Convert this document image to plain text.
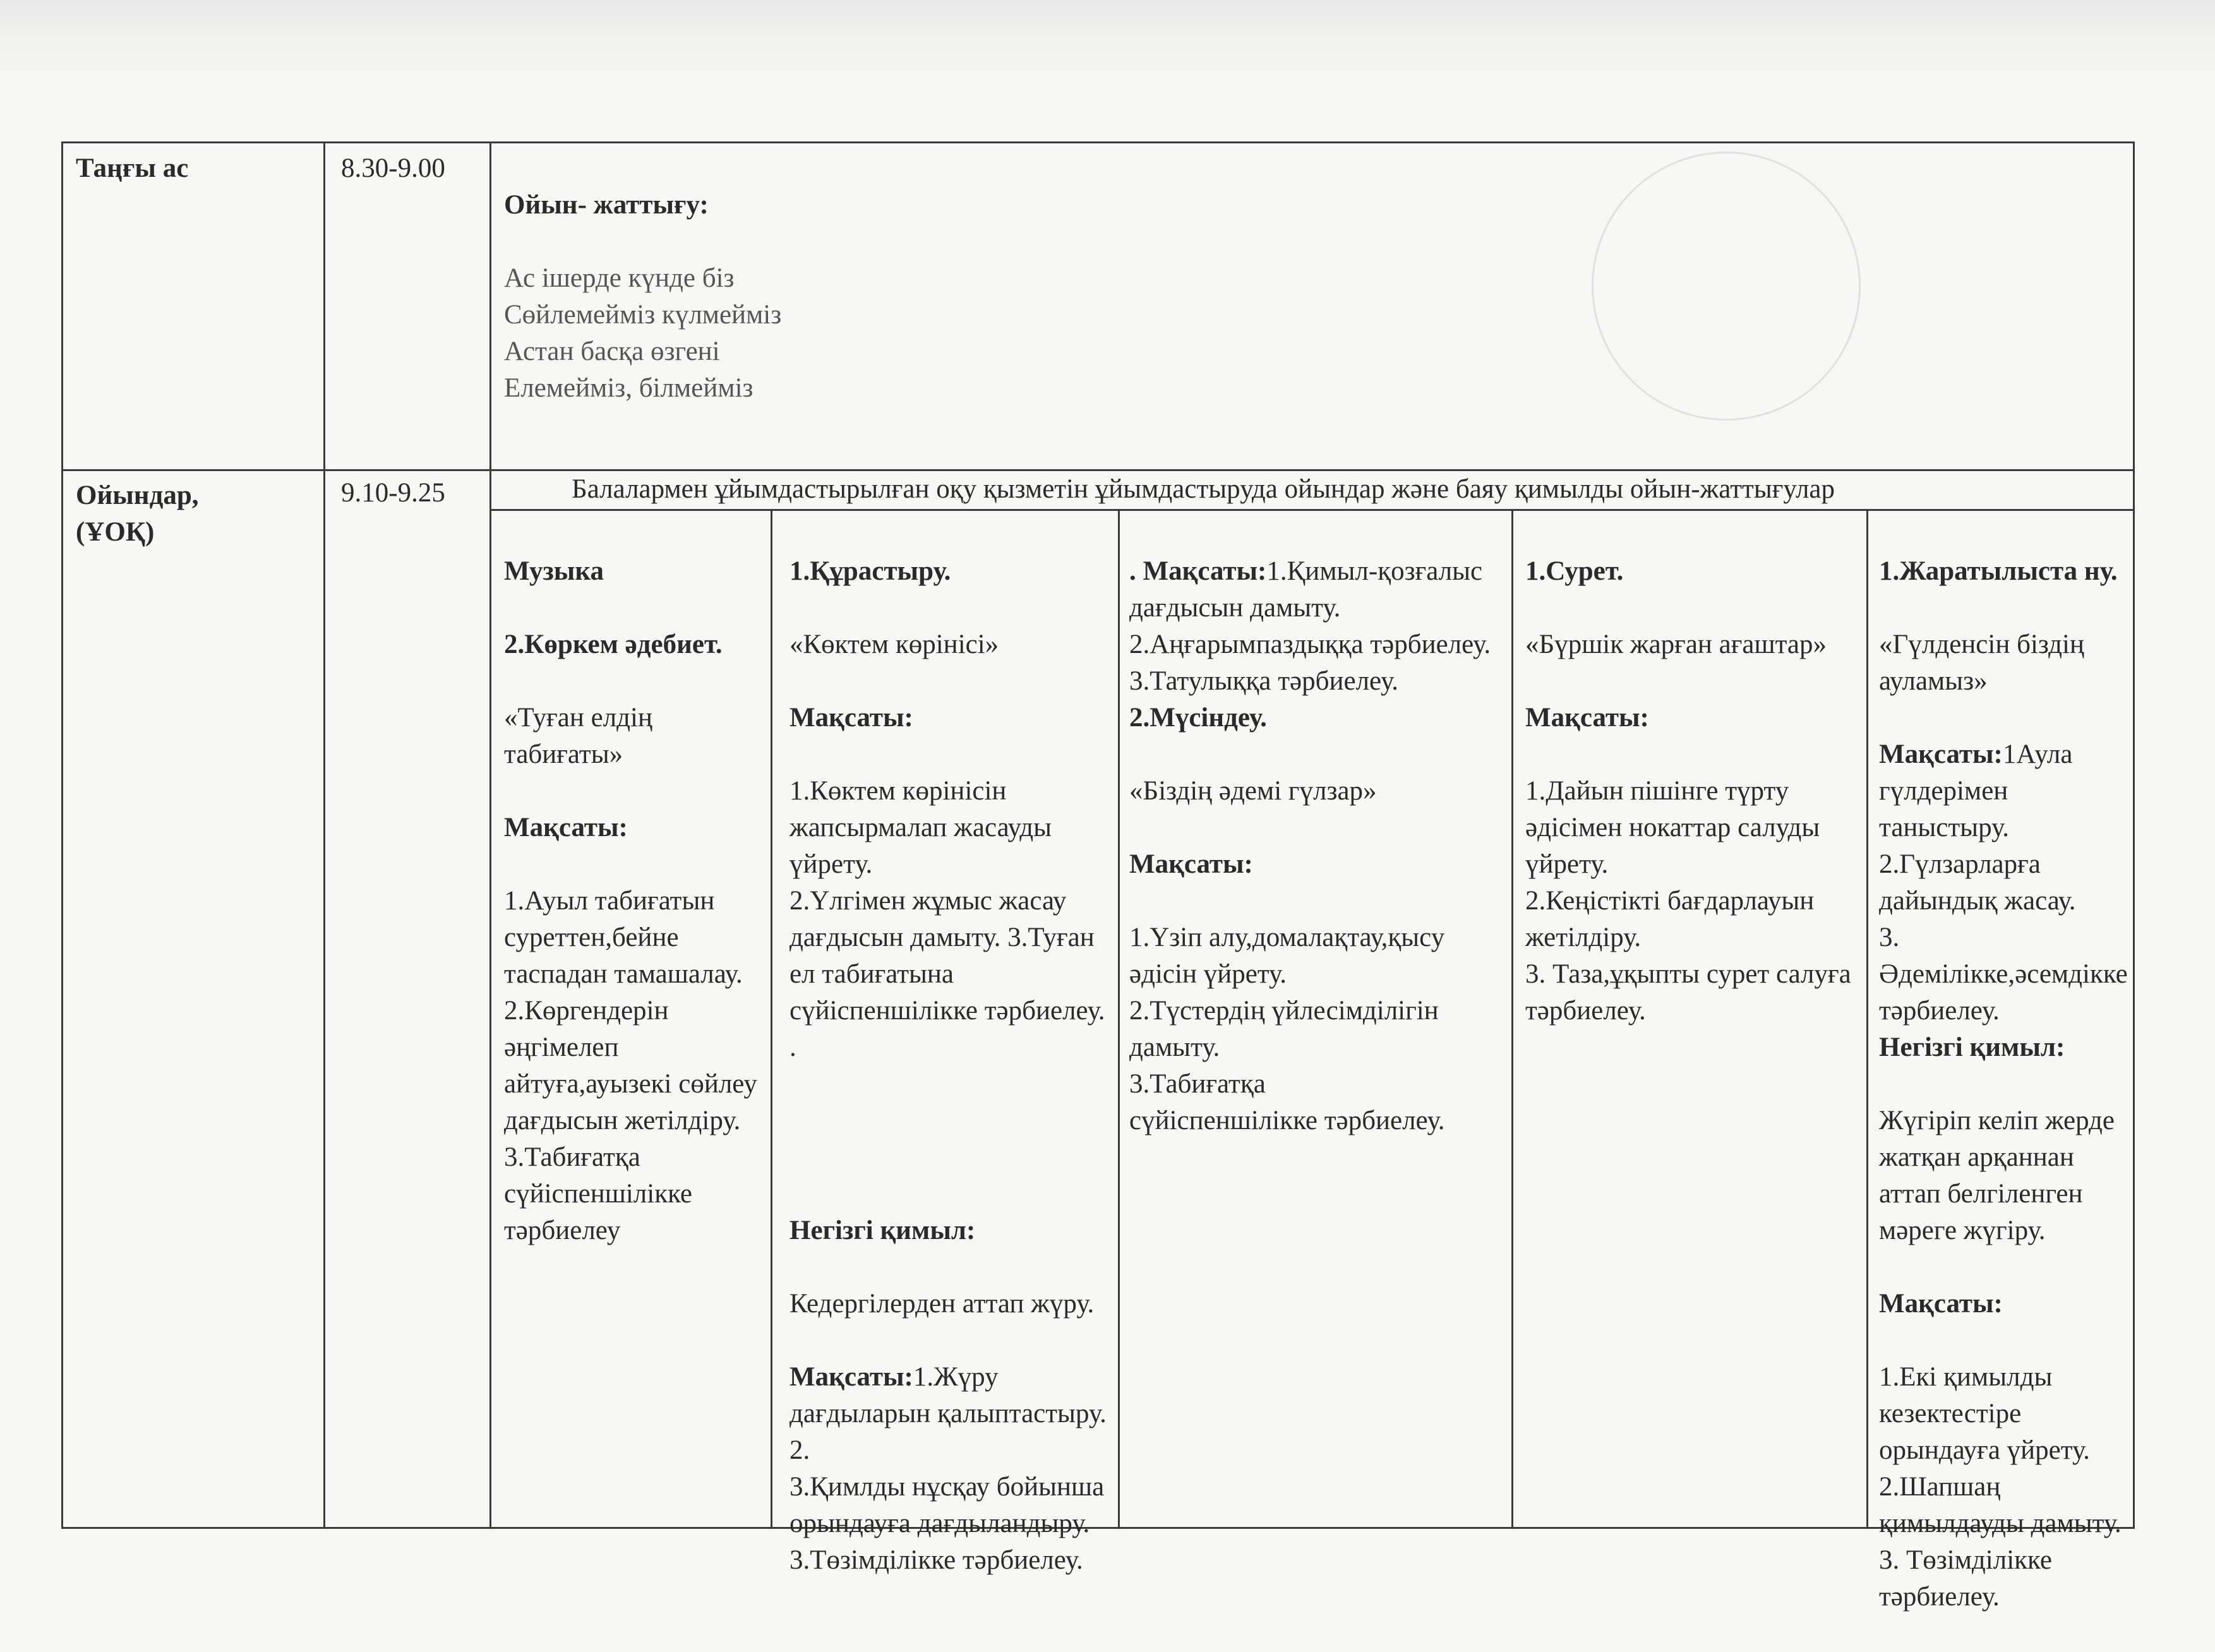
Таңғы ас	8.30-9.00

Ойын- жаттығу:

Ас ішерде күнде біз
Сөйлемейміз күлмейміз
Астан басқа өзгені
Елемейміз, білмейміз

Ойындар,
(ҰОҚ)
9.10-9.25	Балалармен ұйымдастырылған оқу қызметін ұйымдастыруда ойындар және баяу қимылды ойын-жаттығулар

Музыка

2.Көркем әдебиет.

«Туған елдің табиғаты»

Мақсаты:

1.Ауыл табиғатын суреттен,бейне таспадан тамашалау.
2.Көргендерін әңгімелеп айтуға,ауызекі сөйлеу дағдысын жетілдіру.
3.Табиғатқа сүйіспеншілікке тәрбиелеу

1.Құрастыру.

«Көктем көрінісі»

Мақсаты:

1.Көктем көрінісін жапсырмалап жасауды үйрету.
2.Үлгімен жұмыс жасау дағдысын дамыту. 3.Туған ел табиғатына сүйіспеншілікке тәрбиелеу.
.

Негізгі қимыл:

Кедергілерден аттап жүру.

Мақсаты:1.Жүру дағдыларын қалыптастыру. 2.
3.Қимлды нұсқау бойынша орындауға дағдыландыру.
3.Төзімділікке тәрбиелеу.

. Мақсаты:1.Қимыл-қозғалыс дағдысын дамыту.
2.Аңғарымпаздыққа тәрбиелеу.
3.Татулыққа тәрбиелеу.

2.Мүсіндеу.

«Біздің әдемі гүлзар»

Мақсаты:

1.Үзіп алу,домалақтау,қысу әдісін үйрету.
2.Түстердің үйлесімділігін дамыту.
3.Табиғатқа
сүйіспеншілікке тәрбиелеу.

1.Сурет.

«Бүршік жарған ағаштар»

Мақсаты:

1.Дайын пішінге түрту әдісімен нокаттар салуды үйрету.
2.Кеңістікті бағдарлауын жетілдіру.
3. Таза,ұқыпты сурет салуға тәрбиелеу.

1.Жаратылыста ну.

«Гүлденсін біздің ауламыз»

Мақсаты:1Аула гүлдерімен таныстыру.
2.Гүлзарларға дайындық жасау.
3. Әдемілікке,әсемдікке тәрбиелеу.

Негізгі қимыл:

Жүгіріп келіп жерде жатқан арқаннан аттап белгіленген мәреге жүгіру.

Мақсаты:

1.Екі қимылды кезектестіре орындауға үйрету.
2.Шапшаң қимылдауды дамыту.
3. Төзімділікке тәрбиелеу.
